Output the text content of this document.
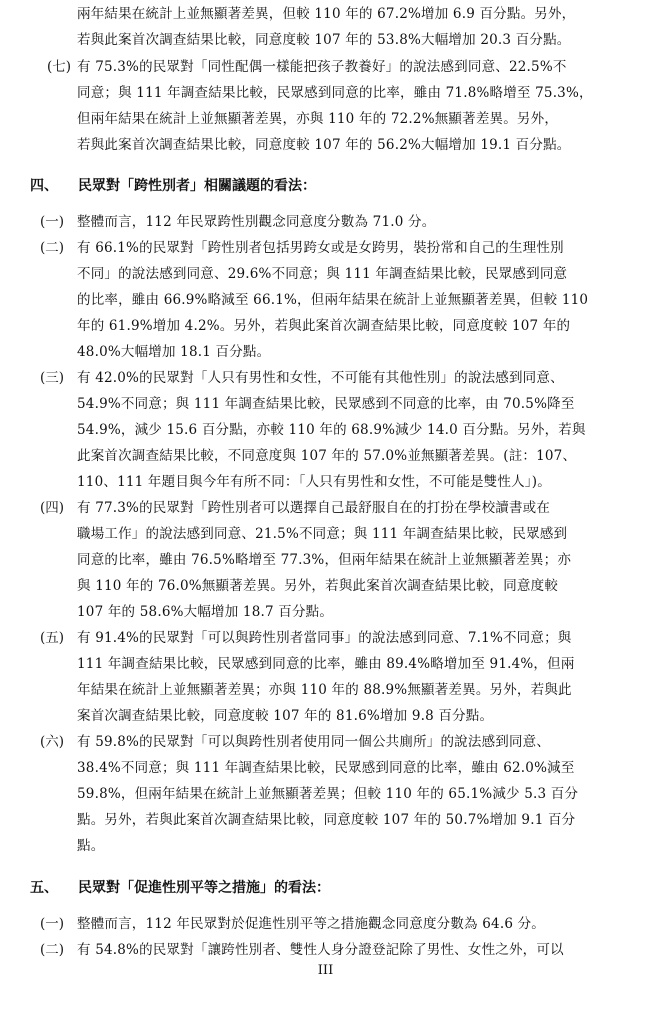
兩年結果在統計上並無顯著差異，但較 110 年的 67.2%增加 6.9 百分點。另外，
若與此案首次調查結果比較，同意度較 107 年的 53.8%大幅增加 20.3 百分點。
(七) 有 75.3%的民眾對「同性配偶一樣能把孩子教養好」的說法感到同意、22.5%不
同意；與 111 年調查結果比較，民眾感到同意的比率，雖由 71.8%略增至 75.3%，
但兩年結果在統計上並無顯著差異，亦與 110 年的 72.2%無顯著差異。另外，
若與此案首次調查結果比較，同意度較 107 年的 56.2%大幅增加 19.1 百分點。
四、 民眾對「跨性別者」相關議題的看法：
(一) 整體而言，112 年民眾跨性別觀念同意度分數為 71.0 分。
(二) 有 66.1%的民眾對「跨性別者包括男跨女或是女跨男，裝扮常和自己的生理性別
不同」的說法感到同意、29.6%不同意；與 111 年調查結果比較，民眾感到同意
的比率，雖由 66.9%略減至 66.1%，但兩年結果在統計上並無顯著差異，但較 110
年的 61.9%增加 4.2%。另外，若與此案首次調查結果比較，同意度較 107 年的
48.0%大幅增加 18.1 百分點。
(三) 有 42.0%的民眾對「人只有男性和女性，不可能有其他性別」的說法感到同意、
54.9%不同意；與 111 年調查結果比較，民眾感到不同意的比率，由 70.5%降至
54.9%，減少 15.6 百分點，亦較 110 年的 68.9%減少 14.0 百分點。另外，若與
此案首次調查結果比較，不同意度與 107 年的 57.0%並無顯著差異。(註：107、
110、111 年題目與今年有所不同：「人只有男性和女性，不可能是雙性人」)。
(四) 有 77.3%的民眾對「跨性別者可以選擇自己最舒服自在的打扮在學校讀書或在
職場工作」的說法感到同意、21.5%不同意；與 111 年調查結果比較，民眾感到
同意的比率，雖由 76.5%略增至 77.3%，但兩年結果在統計上並無顯著差異；亦
與 110 年的 76.0%無顯著差異。另外，若與此案首次調查結果比較，同意度較
107 年的 58.6%大幅增加 18.7 百分點。
(五) 有 91.4%的民眾對「可以與跨性別者當同事」的說法感到同意、7.1%不同意；與
111 年調查結果比較，民眾感到同意的比率，雖由 89.4%略增加至 91.4%，但兩
年結果在統計上並無顯著差異；亦與 110 年的 88.9%無顯著差異。另外，若與此
案首次調查結果比較，同意度較 107 年的 81.6%增加 9.8 百分點。
(六) 有 59.8%的民眾對「可以與跨性別者使用同一個公共廁所」的說法感到同意、
38.4%不同意；與 111 年調查結果比較，民眾感到同意的比率，雖由 62.0%減至
59.8%，但兩年結果在統計上並無顯著差異；但較 110 年的 65.1%減少 5.3 百分
點。另外，若與此案首次調查結果比較，同意度較 107 年的 50.7%增加 9.1 百分
點。
五、 民眾對「促進性別平等之措施」的看法：
(一) 整體而言，112 年民眾對於促進性別平等之措施觀念同意度分數為 64.6 分。
(二) 有 54.8%的民眾對「讓跨性別者、雙性人身分證登記除了男性、女性之外，可以
III
